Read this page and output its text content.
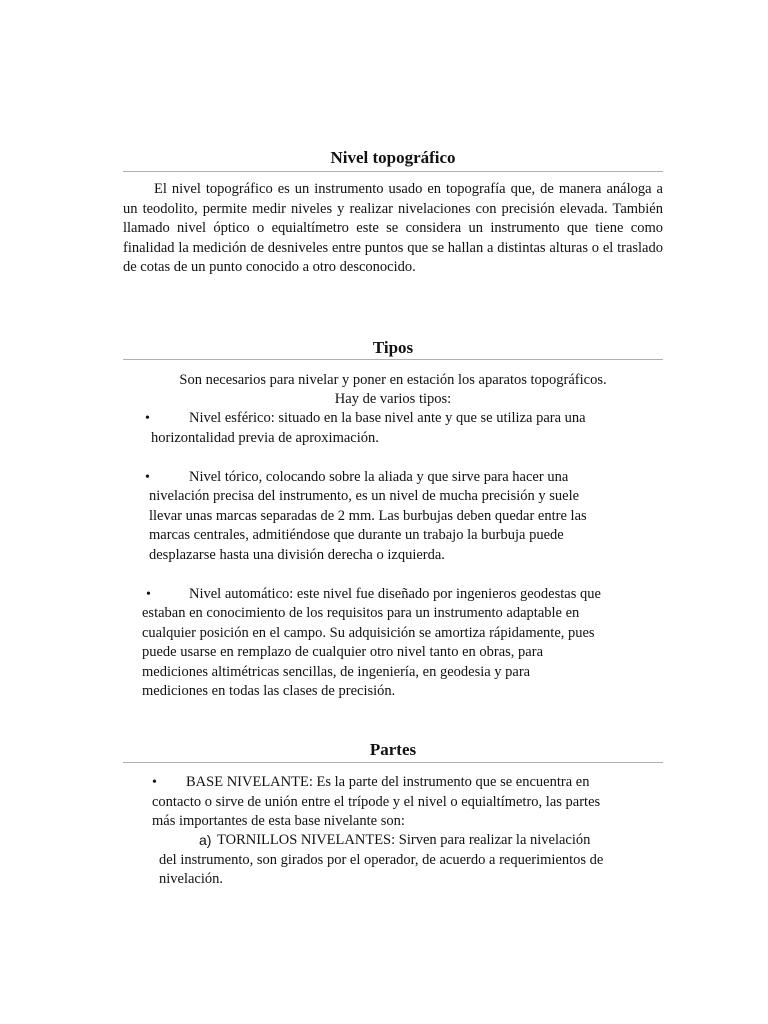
Nivel topográfico

El nivel topográfico es un instrumento usado en topografía que, de manera análoga a un teodolito, permite medir niveles y realizar nivelaciones con precisión elevada. También llamado nivel óptico o equialtímetro este se considera un instrumento que tiene como finalidad la medición de desniveles entre puntos que se hallan a distintas alturas o el traslado de cotas de un punto conocido a otro desconocido.

Tipos
Son necesarios para nivelar y poner en estación los aparatos topográficos.
Hay de varios tipos:
•	Nivel esférico: situado en la base nivel ante y que se utiliza para una
horizontalidad previa de aproximación.
•	Nivel tórico, colocando sobre la aliada y que sirve para hacer una
nivelación precisa del instrumento, es un nivel de mucha precisión y suele
llevar unas marcas separadas de 2 mm. Las burbujas deben quedar entre las
marcas centrales, admitiéndose que durante un trabajo la burbuja puede
desplazarse hasta una división derecha o izquierda.
•	Nivel automático: este nivel fue diseñado por ingenieros geodestas que
estaban en conocimiento de los requisitos para un instrumento adaptable en
cualquier posición en el campo. Su adquisición se amortiza rápidamente, pues
puede usarse en remplazo de cualquier otro nivel tanto en obras, para
mediciones altimétricas sencillas, de ingeniería, en geodesia y para
mediciones en todas las clases de precisión.
Partes
• BASE NIVELANTE: Es la parte del instrumento que se encuentra en
contacto o sirve de unión entre el trípode y el nivel o equialtímetro, las partes
más importantes de esta base nivelante son:
a) TORNILLOS NIVELANTES: Sirven para realizar la nivelación
del instrumento, son girados por el operador, de acuerdo a requerimientos de
nivelación.
